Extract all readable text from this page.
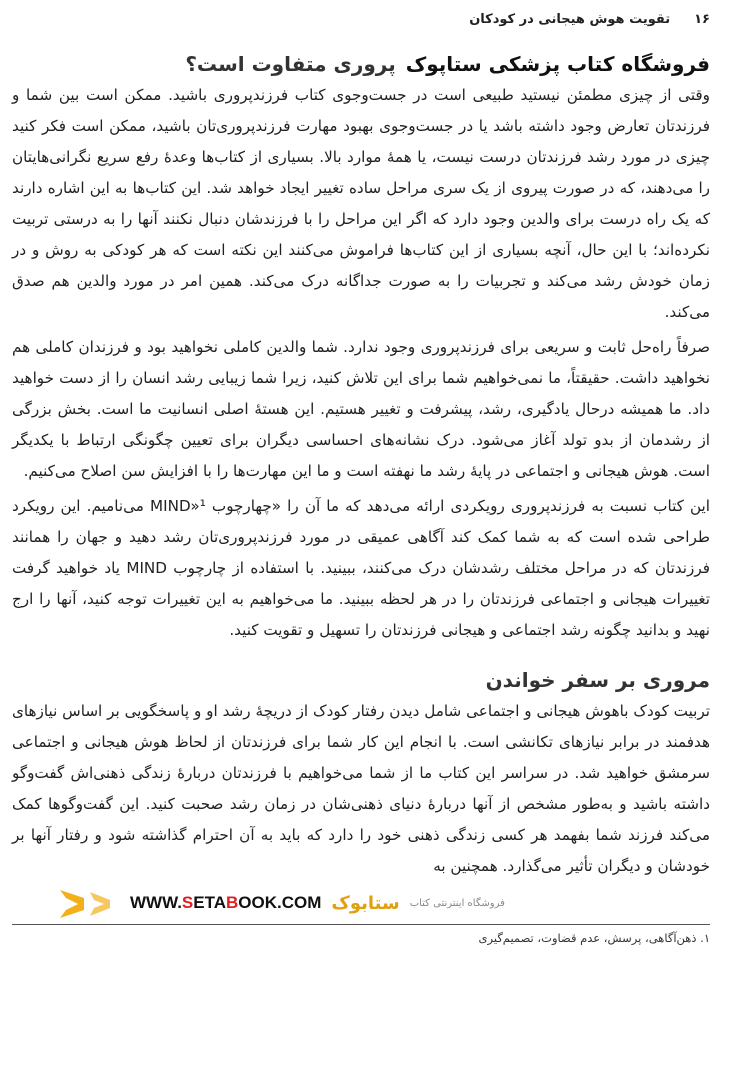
۱۶
تقویت هوش هیجانی در کودکان
فروشگاه کتاب پزشکی ستاپوک
پروری متفاوت است؟

وقتی از چیزی مطمئن نیستید طبیعی است در جست‌وجوی کتاب فرزندپروری باشید. ممکن است بین شما و فرزندتان تعارض وجود داشته باشد یا در جست‌وجوی بهبود مهارت فرزندپروری‌تان باشید، ممکن است فکر کنید چیزی در مورد رشد فرزندتان درست نیست، یا همهٔ موارد بالا. بسیاری از کتاب‌ها وعدهٔ رفع سریع نگرانی‌هایتان را می‌دهند، که در صورت پیروی از یک سری مراحل ساده تغییر ایجاد خواهد شد. این کتاب‌ها به این اشاره دارند که یک راه درست برای والدین وجود دارد که اگر این مراحل را با فرزندشان دنبال نکنند آنها را به درستی تربیت نکرده‌اند؛ با این حال، آنچه بسیاری از این کتاب‌ها فراموش می‌کنند این نکته است که هر کودکی به روش و در زمان خودش رشد می‌کند و تجربیات را به صورت جداگانه درک می‌کند. همین امر در مورد والدین هم صدق می‌کند.

صرفاً راه‌حل ثابت و سریعی برای فرزندپروری وجود ندارد. شما والدین کاملی نخواهید بود و فرزندان کاملی هم نخواهید داشت. حقیقتاً، ما نمی‌خواهیم شما برای این تلاش کنید، زیرا شما زیبایی رشد انسان را از دست خواهید داد. ما همیشه درحال یادگیری، رشد، پیشرفت و تغییر هستیم. این هستهٔ اصلی انسانیت ما است. بخش بزرگی از رشدمان از بدو تولد آغاز می‌شود. درک نشانه‌های احساسی دیگران برای تعیین چگونگی ارتباط با یکدیگر است. هوش هیجانی و اجتماعی در پایهٔ رشد ما نهفته است و ما این مهارت‌ها را با افزایش سن اصلاح می‌کنیم.

این کتاب نسبت به فرزندپروری رویکردی ارائه می‌دهد که ما آن را «چهارچوب MIND»¹ می‌نامیم. این رویکرد طراحی شده است که به شما کمک کند آگاهی عمیقی در مورد فرزندپروری‌تان رشد دهید و جهان را همانند فرزندتان که در مراحل مختلف رشدشان درک می‌کنند، ببینید. با استفاده از چارچوب MIND یاد خواهید گرفت تغییرات هیجانی و اجتماعی فرزندتان را در هر لحظه ببینید. ما می‌خواهیم به این تغییرات توجه کنید، آنها را ارج نهید و بدانید چگونه رشد اجتماعی و هیجانی فرزندتان را تسهیل و تقویت کنید.

مروری بر سفر خواندن

تربیت کودک باهوش هیجانی و اجتماعی شامل دیدن رفتار کودک از دریچهٔ رشد او و پاسخگویی بر اساس نیازهای هدفمند در برابر نیازهای تکانشی است. با انجام این کار شما برای فرزندتان از لحاظ هوش هیجانی و اجتماعی سرمشق خواهید شد. در سراسر این کتاب ما از شما می‌خواهیم با فرزندتان دربارهٔ زندگی ذهنی‌اش گفت‌وگو داشته باشید و به‌طور مشخص از آنها دربارهٔ دنیای ذهنی‌شان در زمان رشد صحبت کنید. این گفت‌وگوها کمک می‌کند فرزند شما بفهمد هر کسی زندگی ذهنی خود را دارد که باید به آن احترام گذاشته شود و رفتار آنها بر خودشان و دیگران تأثیر می‌گذارد. همچنین به

WWW.SETABOOK.COM ستابوک فروشگاه اینترنتی کتاب
۱. ذهن‌آگاهی، پرسش، عدم قضاوت، تصمیم‌گیری
